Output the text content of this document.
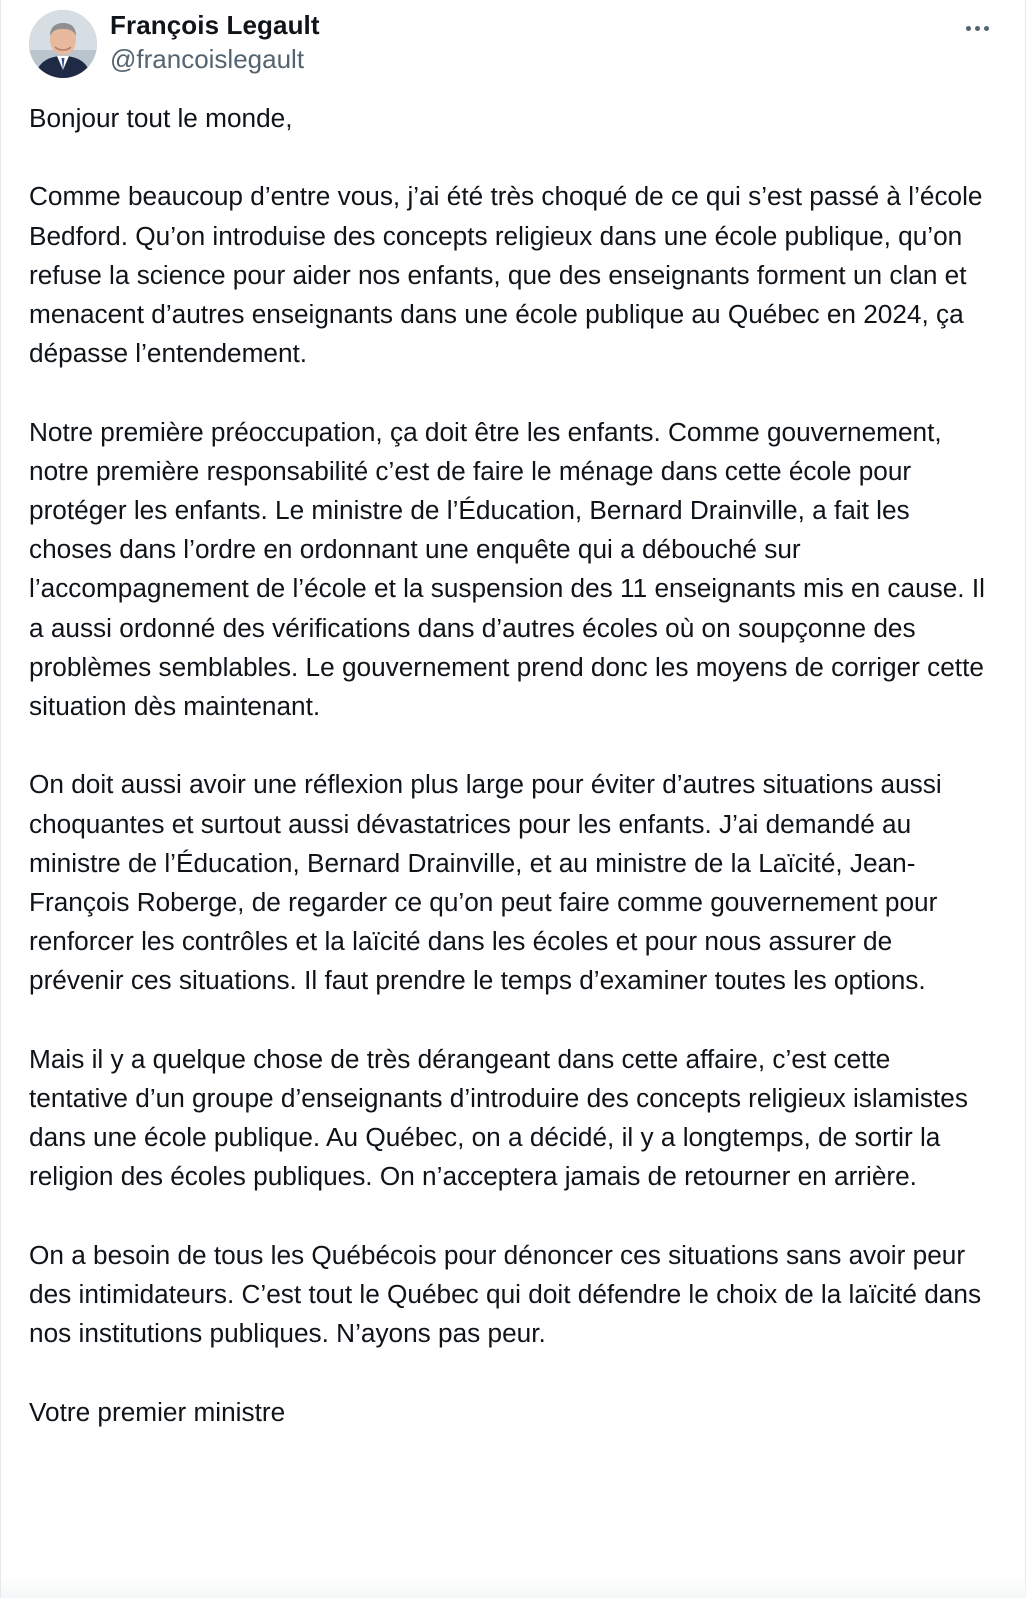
François Legault
@francoislegault

Bonjour tout le monde,

Comme beaucoup d’entre vous, j’ai été très choqué de ce qui s’est passé à l’école Bedford. Qu’on introduise des concepts religieux dans une école publique, qu’on refuse la science pour aider nos enfants, que des enseignants forment un clan et menacent d’autres enseignants dans une école publique au Québec en 2024, ça dépasse l’entendement.

Notre première préoccupation, ça doit être les enfants. Comme gouvernement, notre première responsabilité c’est de faire le ménage dans cette école pour protéger les enfants. Le ministre de l’Éducation, Bernard Drainville, a fait les choses dans l’ordre en ordonnant une enquête qui a débouché sur l’accompagnement de l’école et la suspension des 11 enseignants mis en cause. Il a aussi ordonné des vérifications dans d’autres écoles où on soupçonne des problèmes semblables. Le gouvernement prend donc les moyens de corriger cette situation dès maintenant.

On doit aussi avoir une réflexion plus large pour éviter d’autres situations aussi choquantes et surtout aussi dévastatrices pour les enfants. J’ai demandé au ministre de l’Éducation, Bernard Drainville, et au ministre de la Laïcité, Jean-François Roberge, de regarder ce qu’on peut faire comme gouvernement pour renforcer les contrôles et la laïcité dans les écoles et pour nous assurer de prévenir ces situations. Il faut prendre le temps d’examiner toutes les options.

Mais il y a quelque chose de très dérangeant dans cette affaire, c’est cette tentative d’un groupe d’enseignants d’introduire des concepts religieux islamistes dans une école publique. Au Québec, on a décidé, il y a longtemps, de sortir la religion des écoles publiques. On n’acceptera jamais de retourner en arrière.

On a besoin de tous les Québécois pour dénoncer ces situations sans avoir peur des intimidateurs. C’est tout le Québec qui doit défendre le choix de la laïcité dans nos institutions publiques. N’ayons pas peur.

Votre premier ministre
